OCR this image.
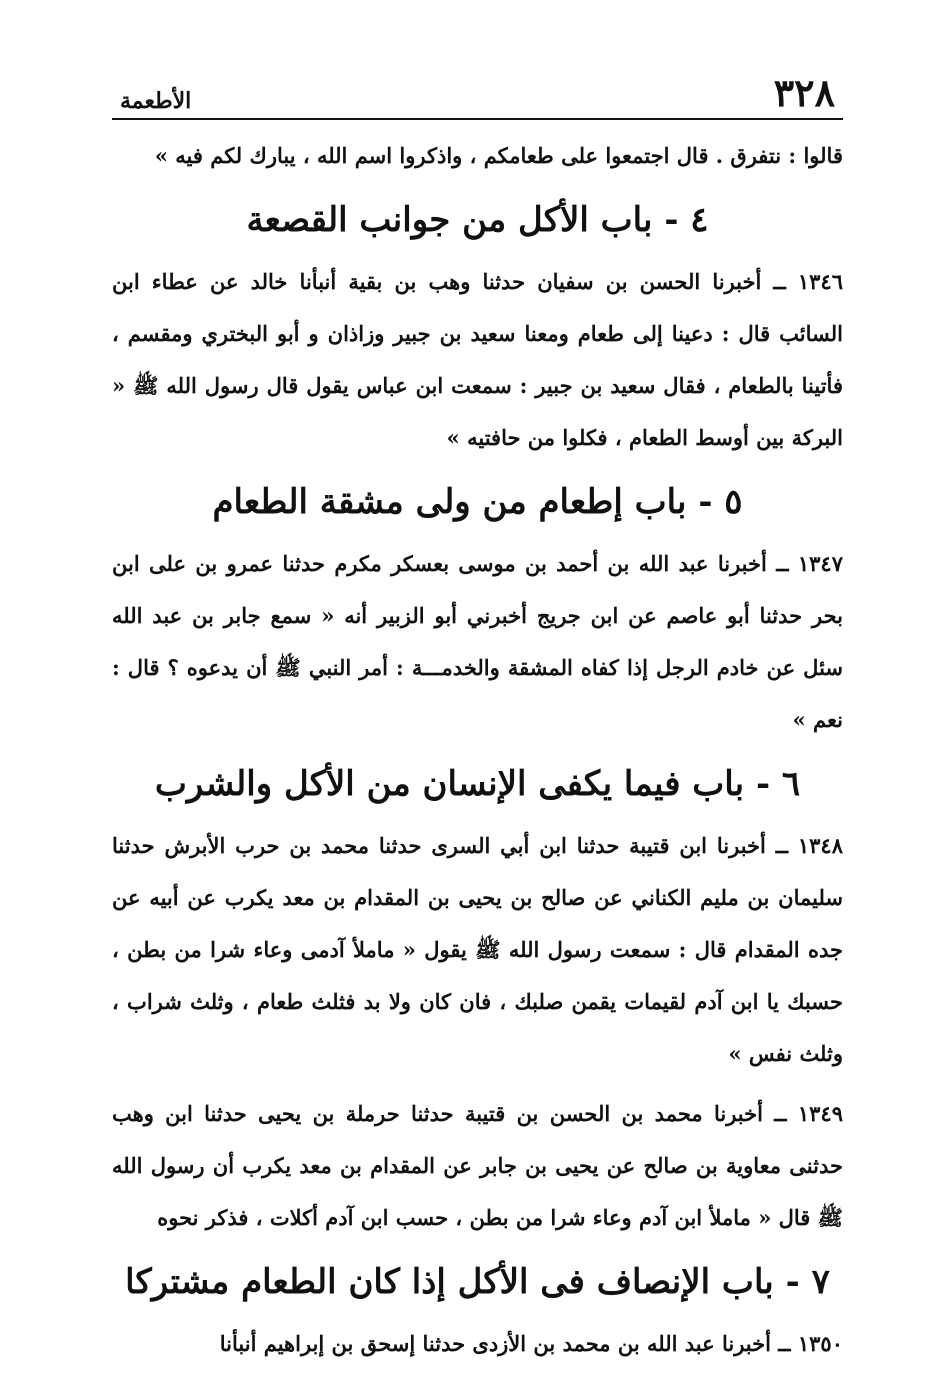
٣٢٨
الأطعمة

قالوا : نتفرق . قال اجتمعوا على طعامكم ، واذكروا اسم الله ، يبارك لكم فيه »

٤ - باب الأكل من جوانب القصعة

١٣٤٦ ــ أخبرنا الحسن بن سفيان حدثنا وهب بن بقية أنبأنا خالد عن عطاء ابن السائب قال : دعينا إلى طعام ومعنا سعيد بن جبير وزاذان و أبو البختري ومقسم ، فأتينا بالطعام ، فقال سعيد بن جبير : سمعت ابن عباس يقول قال رسول الله ﷺ « البركة بين أوسط الطعام ، فكلوا من حافتيه »

٥ - باب إطعام من ولى مشقة الطعام

١٣٤٧ ــ أخبرنا عبد الله بن أحمد بن موسى بعسكر مكرم حدثنا عمرو بن على ابن بحر حدثنا أبو عاصم عن ابن جريج أخبرني أبو الزبير أنه « سمع جابر بن عبد الله سئل عن خادم الرجل إذا كفاه المشقة والخدمـــة : أمر النبي ﷺ أن يدعوه ؟ قال : نعم »

٦ - باب فيما يكفى الإنسان من الأكل والشرب

١٣٤٨ ــ أخبرنا ابن قتيبة حدثنا ابن أبي السرى حدثنا محمد بن حرب الأبرش حدثنا سليمان بن مليم الكناني عن صالح بن يحيى بن المقدام بن معد يكرب عن أبيه عن جده المقدام قال : سمعت رسول الله ﷺ يقول « ماملأ آدمى وعاء شرا من بطن ، حسبك يا ابن آدم لقيمات يقمن صلبك ، فان كان ولا بد فثلث طعام ، وثلث شراب ، وثلث نفس »

١٣٤٩ ــ أخبرنا محمد بن الحسن بن قتيبة حدثنا حرملة بن يحيى حدثنا ابن وهب حدثنى معاوية بن صالح عن يحيى بن جابر عن المقدام بن معد يكرب أن رسول الله ﷺ قال « ماملأ ابن آدم وعاء شرا من بطن ، حسب ابن آدم أكلات ، فذكر نحوه

٧ - باب الإنصاف فى الأكل إذا كان الطعام مشتركا

١٣٥٠ ــ أخبرنا عبد الله بن محمد بن الأزدى حدثنا إسحق بن إبراهيم أنبأنا
